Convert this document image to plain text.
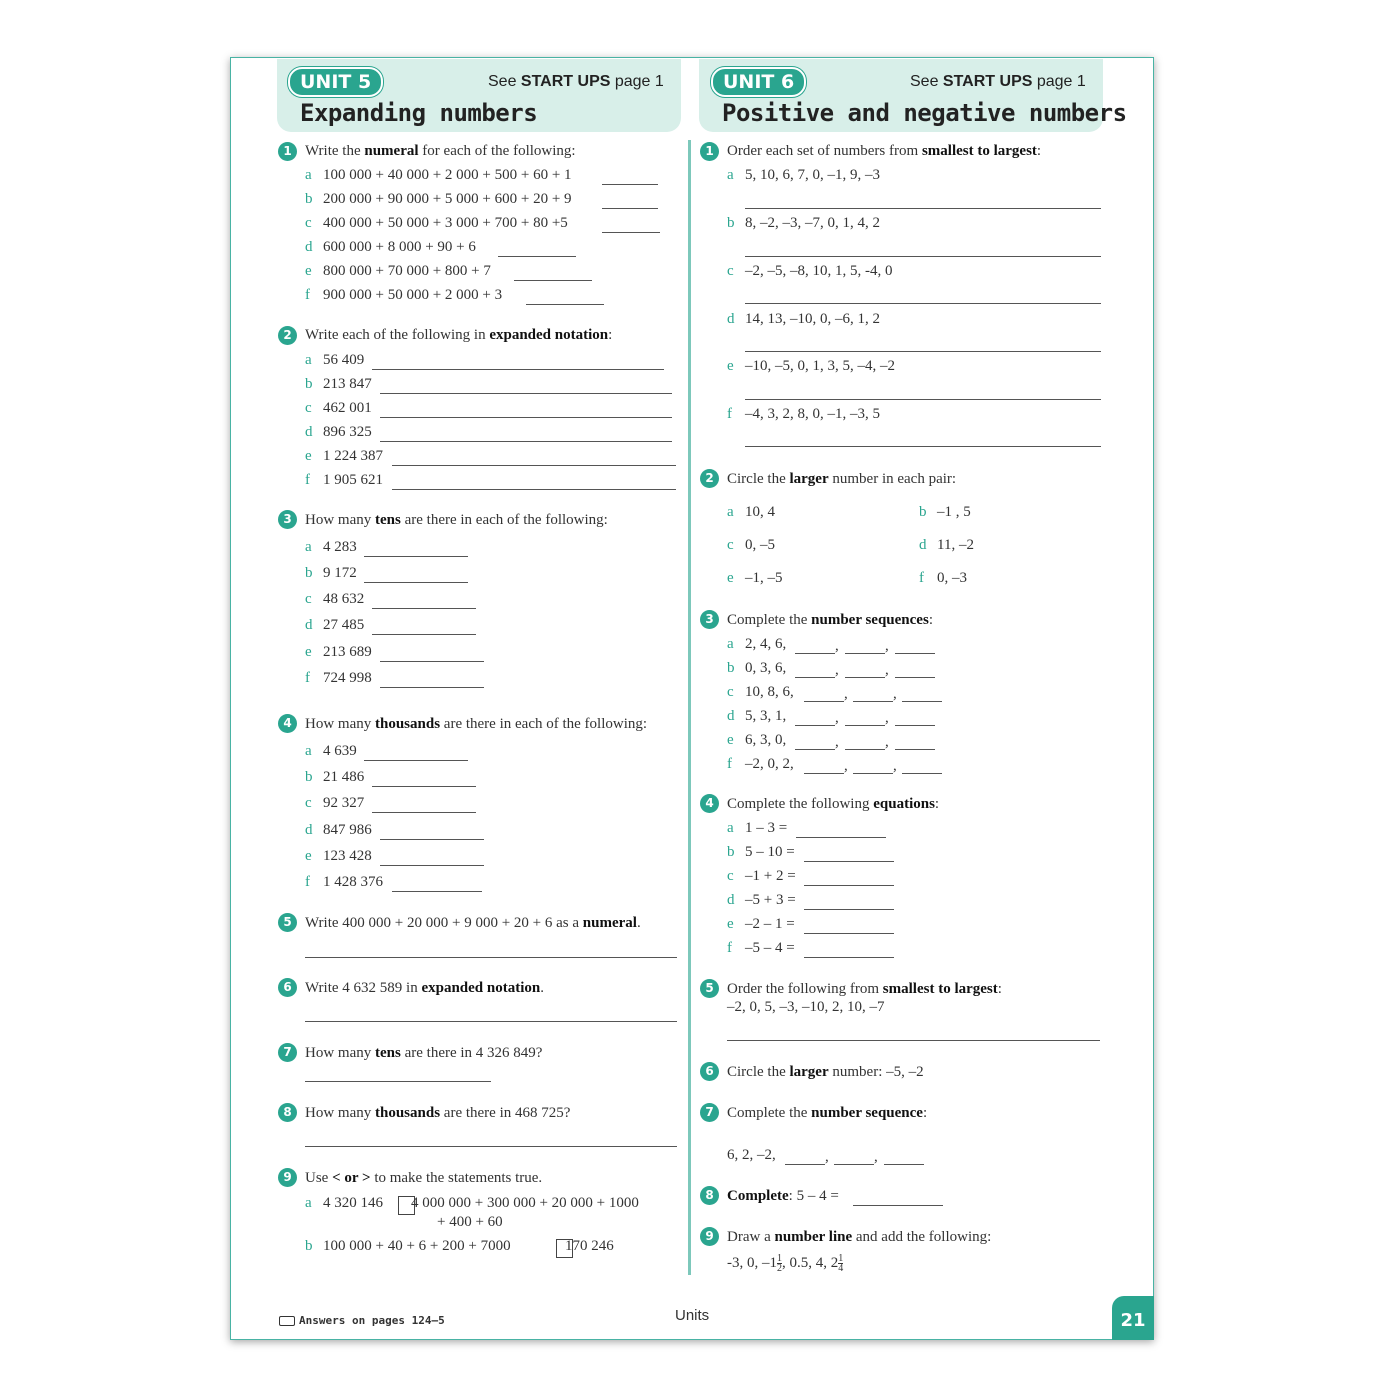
UNIT 5	See START UPS page 1
Expanding numbers
UNIT 6	See START UPS page 1
Positive and negative numbers
1 Write the numeral for each of the following:
a 100 000 + 40 000 + 2 000 + 500 + 60 + 1
b 200 000 + 90 000 + 5 000 + 600 + 20 + 9
c 400 000 + 50 000 + 3 000 + 700 + 80 +5
d 600 000 + 8 000 + 90 + 6
e 800 000 + 70 000 + 800 + 7
f 900 000 + 50 000 + 2 000 + 3
2 Write each of the following in expanded notation:
a 56 409
b 213 847
c 462 001
d 896 325
e 1 224 387
f 1 905 621
3 How many tens are there in each of the following:
a 4 283
b 9 172
c 48 632
d 27 485
e 213 689
f 724 998
4 How many thousands are there in each of the following:
a 4 639
b 21 486
c 92 327
d 847 986
e 123 428
f 1 428 376
5 Write 400 000 + 20 000 + 9 000 + 20 + 6 as a numeral.
6 Write 4 632 589 in expanded notation.
7 How many tens are there in 4 326 849?
8 How many thousands are there in 468 725?
9 Use < or > to make the statements true.
a 4 320 146 4 000 000 + 300 000 + 20 000 + 1000
+ 400 + 60
b 100 000 + 40 + 6 + 200 + 7000	170 246
1 Order each set of numbers from smallest to largest:
a 5, 10, 6, 7, 0, –1, 9, –3
b 8, –2, –3, –7, 0, 1, 4, 2
c –2, –5, –8, 10, 1, 5, -4, 0
d 14, 13, –10, 0, –6, 1, 2
e –10, –5, 0, 1, 3, 5, –4, –2
f –4, 3, 2, 8, 0, –1, –3, 5
2 Circle the larger number in each pair:
a 10, 4	b –1 , 5
c 0, –5	d 11, –2
e –1, –5	f 0, –3
3 Complete the number sequences:
a 2, 4, 6,	,	,
b 0, 3, 6,	,	,
c 10, 8, 6,	,	,
d 5, 3, 1,	,	,
e 6, 3, 0,	,	,
f –2, 0, 2,	,	,
4 Complete the following equations:
a 1 – 3 =
b 5 – 10 =
c –1 + 2 =
d –5 + 3 =
e –2 – 1 =
f –5 – 4 =
5 Order the following from smallest to largest:
–2, 0, 5, –3, –10, 2, 10, –7
6 Circle the larger number: –5, –2
7 Complete the number sequence:
6, 2, –2,	,	,
8 Complete: 5 – 4 =
9 Draw a number line and add the following:
-3, 0, $-1 \frac{1}{2}$ , 0.5, 4, $2 \frac{1}{4}$
Answers on pages 124–5	Units	21
